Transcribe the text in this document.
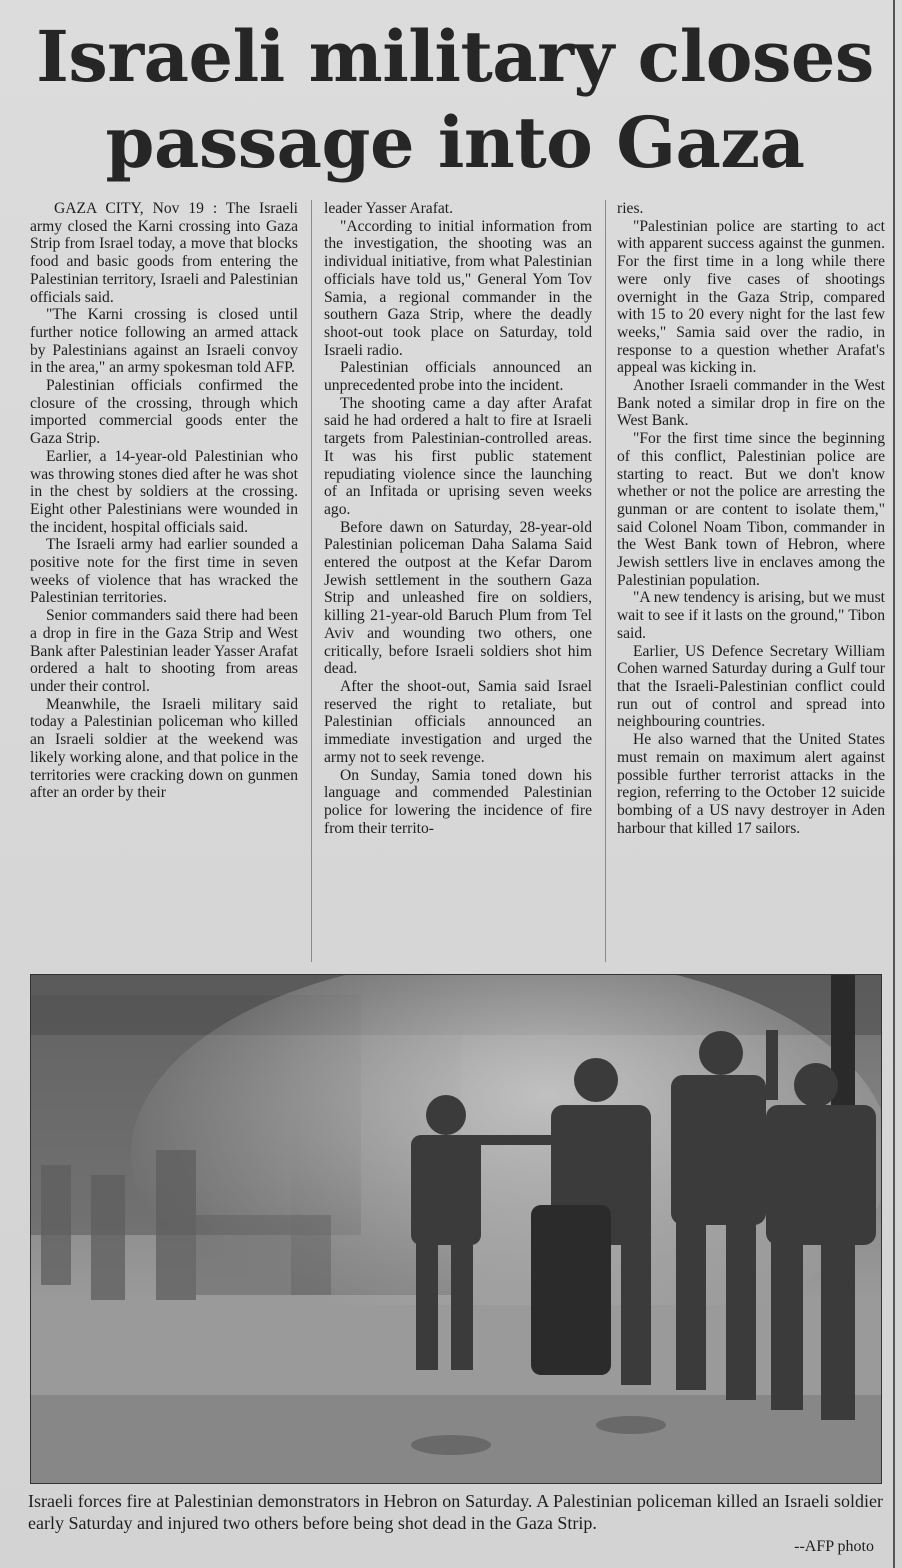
Israeli military closes
passage into Gaza

GAZA CITY, Nov 19 : The Israeli army closed the Karni crossing into Gaza Strip from Israel today, a move that blocks food and basic goods from entering the Palestinian territory, Israeli and Palestinian officials said.

"The Karni crossing is closed until further notice following an armed attack by Palestinians against an Israeli convoy in the area," an army spokesman told AFP.

Palestinian officials confirmed the closure of the crossing, through which imported commercial goods enter the Gaza Strip.

Earlier, a 14-year-old Palestinian who was throwing stones died after he was shot in the chest by soldiers at the crossing. Eight other Palestinians were wounded in the incident, hospital officials said.

The Israeli army had earlier sounded a positive note for the first time in seven weeks of violence that has wracked the Palestinian territories.

Senior commanders said there had been a drop in fire in the Gaza Strip and West Bank after Palestinian leader Yasser Arafat ordered a halt to shooting from areas under their control.

Meanwhile, the Israeli military said today a Palestinian policeman who killed an Israeli soldier at the weekend was likely working alone, and that police in the territories were cracking down on gunmen after an order by their

leader Yasser Arafat.

"According to initial information from the investigation, the shooting was an individual initiative, from what Palestinian officials have told us," General Yom Tov Samia, a regional commander in the southern Gaza Strip, where the deadly shoot-out took place on Saturday, told Israeli radio.

Palestinian officials announced an unprecedented probe into the incident.

The shooting came a day after Arafat said he had ordered a halt to fire at Israeli targets from Palestinian-controlled areas. It was his first public statement repudiating violence since the launching of an Infitada or uprising seven weeks ago.

Before dawn on Saturday, 28-year-old Palestinian policeman Daha Salama Said entered the outpost at the Kefar Darom Jewish settlement in the southern Gaza Strip and unleashed fire on soldiers, killing 21-year-old Baruch Plum from Tel Aviv and wounding two others, one critically, before Israeli soldiers shot him dead.

After the shoot-out, Samia said Israel reserved the right to retaliate, but Palestinian officials announced an immediate investigation and urged the army not to seek revenge.

On Sunday, Samia toned down his language and commended Palestinian police for lowering the incidence of fire from their territo-

ries.

"Palestinian police are starting to act with apparent success against the gunmen. For the first time in a long while there were only five cases of shootings overnight in the Gaza Strip, compared with 15 to 20 every night for the last few weeks," Samia said over the radio, in response to a question whether Arafat's appeal was kicking in.

Another Israeli commander in the West Bank noted a similar drop in fire on the West Bank.

"For the first time since the beginning of this conflict, Palestinian police are starting to react. But we don't know whether or not the police are arresting the gunman or are content to isolate them," said Colonel Noam Tibon, commander in the West Bank town of Hebron, where Jewish settlers live in enclaves among the Palestinian population.

"A new tendency is arising, but we must wait to see if it lasts on the ground," Tibon said.

Earlier, US Defence Secretary William Cohen warned Saturday during a Gulf tour that the Israeli-Palestinian conflict could run out of control and spread into neighbouring countries.

He also warned that the United States must remain on maximum alert against possible further terrorist attacks in the region, referring to the October 12 suicide bombing of a US navy destroyer in Aden harbour that killed 17 sailors.

Israeli forces fire at Palestinian demonstrators in Hebron on Saturday. A Palestinian policeman killed an Israeli soldier early Saturday and injured two others before being shot dead in the Gaza Strip.
--AFP photo
